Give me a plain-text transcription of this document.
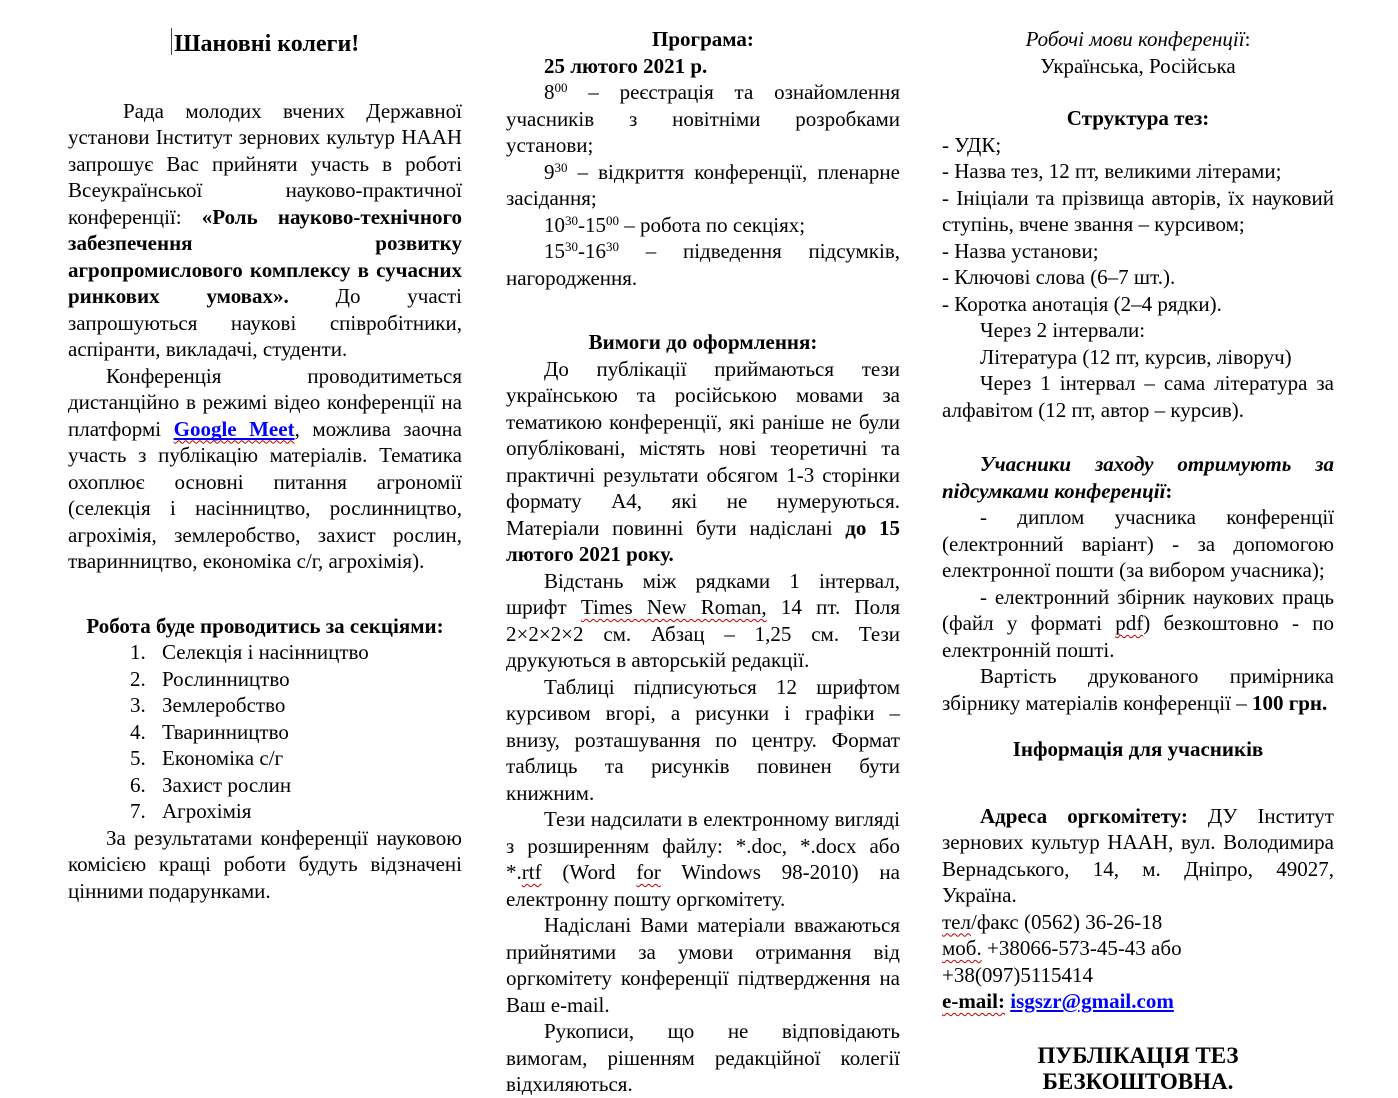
Шановні колеги!
Рада молодих вчених Державної установи Інститут зернових культур НААН запрошує Вас прийняти участь в роботі Всеукраїнської науково-практичної конференції: «Роль науково-технічного забезпечення розвитку агропромислового комплексу в сучасних ринкових умовах». До участі запрошуються наукові співробітники, аспіранти, викладачі, студенти.
Конференція проводитиметься дистанційно в режимі відео конференції на платформі Google Meet, можлива заочна участь з публікацію матеріалів. Тематика охоплює основні питання агрономії (селекція і насінництво, рослинництво, агрохімія, землеробство, захист рослин, тваринництво, економіка с/г, агрохімія).
Робота буде проводитись за секціями:
1. Селекція і насінництво
2. Рослинництво
3. Землеробство
4. Тваринництво
5. Економіка с/г
6. Захист рослин
7. Агрохімія
За результатами конференції науковою комісією кращі роботи будуть відзначені цінними подарунками.
Програма:
25 лютого 2021 р.
$8^{00}$ – реєстрація та ознайомлення учасників з новітніми розробками установи;
$9^{30}$ – відкриття конференції, пленарне засідання;
$10^{30}-15^{00}$ – робота по секціях;
$15^{30}-16^{30}$ – підведення підсумків, нагородження.
Вимоги до оформлення:
До публікації приймаються тези українською та російською мовами за тематикою конференції, які раніше не були опубліковані, містять нові теоретичні та практичні результати обсягом 1-3 сторінки формату А4, які не нумеруються. Матеріали повинні бути надіслані до 15 лютого 2021 року.
Відстань між рядками 1 інтервал, шрифт Times New Roman, 14 пт. Поля 2×2×2×2 см. Абзац – 1,25 см. Тези друкуються в авторській редакції.
Таблиці підписуються 12 шрифтом курсивом вгорі, а рисунки і графіки – внизу, розташування по центру. Формат таблиць та рисунків повинен бути книжним.
Тези надсилати в електронному вигляді з розширенням файлу: *.doc, *.docx або *.rtf (Word for Windows 98-2010) на електронну пошту оргкомітету.
Надіслані Вами матеріали вважаються прийнятими за умови отримання від оргкомітету конференції підтвердження на Ваш e-mail.
Рукописи, що не відповідають вимогам, рішенням редакційної колегії відхиляються.
Робочі мови конференції:
Українська, Російська
Структура тез:
- УДК;
- Назва тез, 12 пт, великими літерами;
- Ініціали та прізвища авторів, їх науковий ступінь, вчене звання – курсивом;
- Назва установи;
- Ключові слова (6–7 шт.).
- Коротка анотація (2–4 рядки).
Через 2 інтервали:
Література (12 пт, курсив, ліворуч)
Через 1 інтервал – сама література за алфавітом (12 пт, автор – курсив).
Учасники заходу отримують за підсумками конференції:
- диплом учасника конференції (електронний варіант) - за допомогою електронної пошти (за вибором учасника);
- електронний збірник наукових праць (файл у форматі pdf) безкоштовно - по електронній пошті.
Вартість друкованого примірника збірнику матеріалів конференції – 100 грн.
Інформація для учасників
Адреса оргкомітету: ДУ Інститут зернових культур НААН, вул. Володимира Вернадського, 14, м. Дніпро, 49027, Україна.
тел/факс (0562) 36-26-18
моб. +38066-573-45-43 або +38(097)5115414
e-mail: isgszr@gmail.com
ПУБЛІКАЦІЯ ТЕЗ БЕЗКОШТОВНА.
